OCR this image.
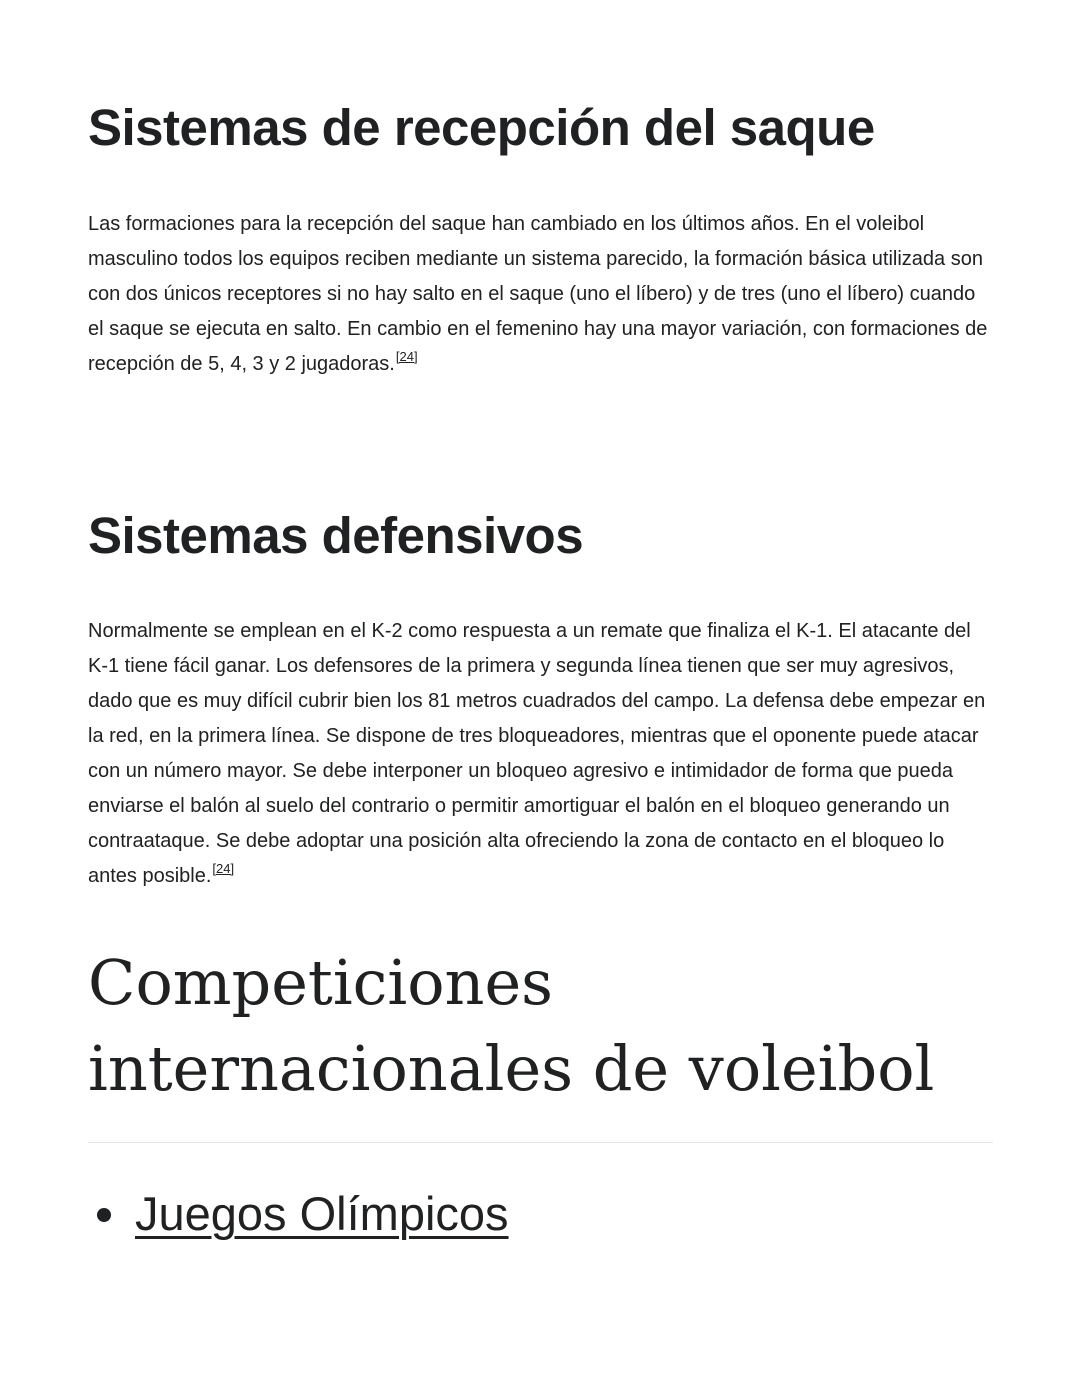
Sistemas de recepción del saque

Las formaciones para la recepción del saque han cambiado en los últimos años. En el voleibol masculino todos los equipos reciben mediante un sistema parecido, la formación básica utilizada son con dos únicos receptores si no hay salto en el saque (uno el líbero) y de tres (uno el líbero) cuando el saque se ejecuta en salto. En cambio en el femenino hay una mayor variación, con formaciones de recepción de 5, 4, 3 y 2 jugadoras.[24]

Sistemas defensivos

Normalmente se emplean en el K-2 como respuesta a un remate que finaliza el K-1. El atacante del K-1 tiene fácil ganar. Los defensores de la primera y segunda línea tienen que ser muy agresivos, dado que es muy difícil cubrir bien los 81 metros cuadrados del campo. La defensa debe empezar en la red, en la primera línea. Se dispone de tres bloqueadores, mientras que el oponente puede atacar con un número mayor. Se debe interponer un bloqueo agresivo e intimidador de forma que pueda enviarse el balón al suelo del contrario o permitir amortiguar el balón en el bloqueo generando un contraataque. Se debe adoptar una posición alta ofreciendo la zona de contacto en el bloqueo lo antes posible.[24]

Competiciones internacionales de voleibol
Juegos Olímpicos
